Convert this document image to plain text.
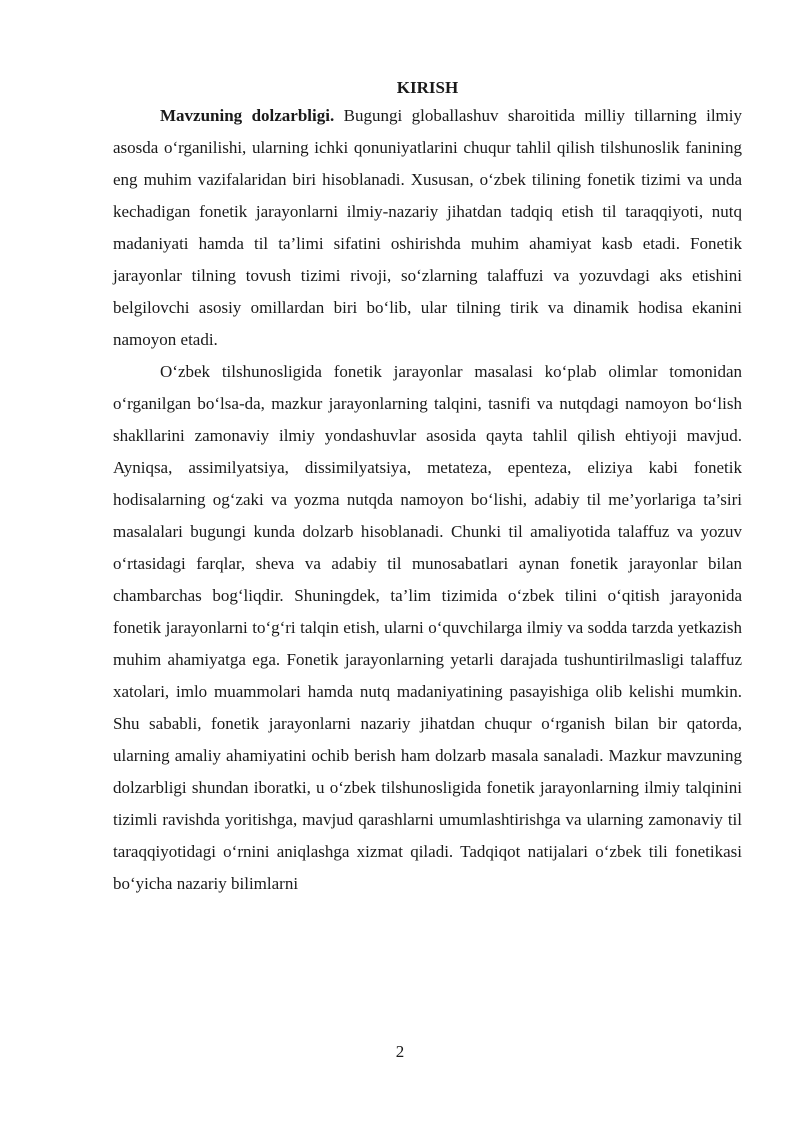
KIRISH

Mavzuning dolzarbligi. Bugungi globallashuv sharoitida milliy tillarning ilmiy asosda o‘rganilishi, ularning ichki qonuniyatlarini chuqur tahlil qilish tilshunoslik fanining eng muhim vazifalaridan biri hisoblanadi. Xususan, o‘zbek tilining fonetik tizimi va unda kechadigan fonetik jarayonlarni ilmiy-nazariy jihatdan tadqiq etish til taraqqiyoti, nutq madaniyati hamda til ta’limi sifatini oshirishda muhim ahamiyat kasb etadi. Fonetik jarayonlar tilning tovush tizimi rivoji, so‘zlarning talaffuzi va yozuvdagi aks etishini belgilovchi asosiy omillardan biri bo‘lib, ular tilning tirik va dinamik hodisa ekanini namoyon etadi.

O‘zbek tilshunosligida fonetik jarayonlar masalasi ko‘plab olimlar tomonidan o‘rganilgan bo‘lsa-da, mazkur jarayonlarning talqini, tasnifi va nutqdagi namoyon bo‘lish shakllarini zamonaviy ilmiy yondashuvlar asosida qayta tahlil qilish ehtiyoji mavjud. Ayniqsa, assimilyatsiya, dissimilyatsiya, metateza, epenteza, eliziya kabi fonetik hodisalarning og‘zaki va yozma nutqda namoyon bo‘lishi, adabiy til me’yorlariga ta’siri masalalari bugungi kunda dolzarb hisoblanadi. Chunki til amaliyotida talaffuz va yozuv o‘rtasidagi farqlar, sheva va adabiy til munosabatlari aynan fonetik jarayonlar bilan chambarchas bog‘liqdir. Shuningdek, ta’lim tizimida o‘zbek tilini o‘qitish jarayonida fonetik jarayonlarni to‘g‘ri talqin etish, ularni o‘quvchilarga ilmiy va sodda tarzda yetkazish muhim ahamiyatga ega. Fonetik jarayonlarning yetarli darajada tushuntirilmasligi talaffuz xatolari, imlo muammolari hamda nutq madaniyatining pasayishiga olib kelishi mumkin. Shu sababli, fonetik jarayonlarni nazariy jihatdan chuqur o‘rganish bilan bir qatorda, ularning amaliy ahamiyatini ochib berish ham dolzarb masala sanaladi. Mazkur mavzuning dolzarbligi shundan iboratki, u o‘zbek tilshunosligida fonetik jarayonlarning ilmiy talqinini tizimli ravishda yoritishga, mavjud qarashlarni umumlashtirishga va ularning zamonaviy til taraqqiyotidagi o‘rnini aniqlashga xizmat qiladi. Tadqiqot natijalari o‘zbek tili fonetikasi bo‘yicha nazariy bilimlarni

2
